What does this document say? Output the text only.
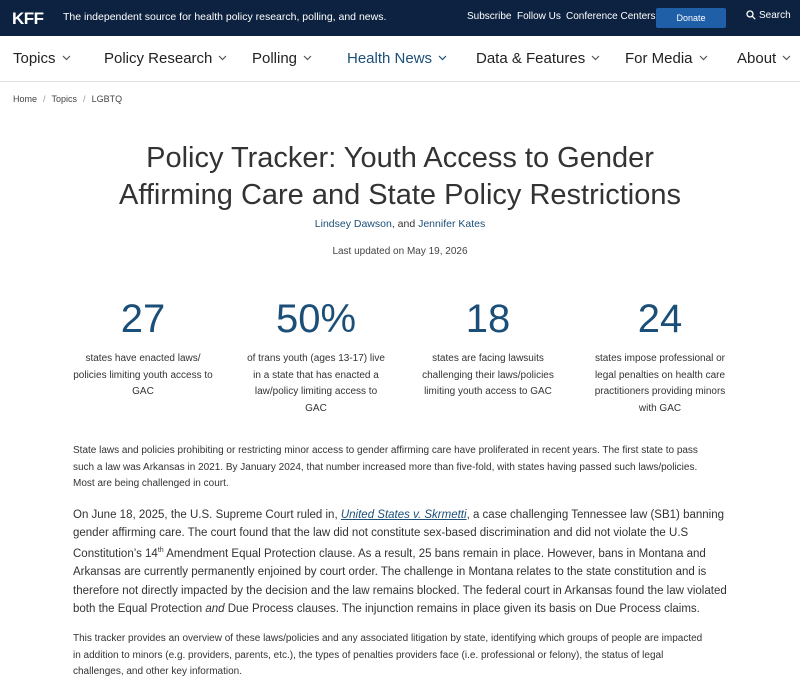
KFF The independent source for health policy research, polling, and news.	Subscribe Follow Us Conference Centers	Donate	Search
Topics	Policy Research	Polling	Health News	Data & Features	For Media	About
Home / Topics / LGBTQ
Policy Tracker: Youth Access to Gender
Affirming Care and State Policy Restrictions
Lindsey Dawson, and Jennifer Kates
Last updated on May 19, 2026
27
states have enacted laws/
policies limiting youth access to
GAC
50%
of trans youth (ages 13-17) live
in a state that has enacted a
law/policy limiting access to
GAC
18
states are facing lawsuits
challenging their laws/policies
limiting youth access to GAC
24
states impose professional or
legal penalties on health care
practitioners providing minors
with GAC

State laws and policies prohibiting or restricting minor access to gender affirming care have proliferated in recent years. The first state to pass
such a law was Arkansas in 2021. By January 2024, that number increased more than five-fold, with states having passed such laws/policies.
Most are being challenged in court.

On June 18, 2025, the U.S. Supreme Court ruled in, United States v. Skrmetti, a case challenging Tennessee law (SB1) banning
gender affirming care. The court found that the law did not constitute sex-based discrimination and did not violate the U.S
Constitution’s 14th Amendment Equal Protection clause. As a result, 25 bans remain in place. However, bans in Montana and
Arkansas are currently permanently enjoined by court order. The challenge in Montana relates to the state constitution and is
therefore not directly impacted by the decision and the law remains blocked. The federal court in Arkansas found the law violated
both the Equal Protection and Due Process clauses. The injunction remains in place given its basis on Due Process claims.

This tracker provides an overview of these laws/policies and any associated litigation by state, identifying which groups of people are impacted
in addition to minors (e.g. providers, parents, etc.), the types of penalties providers face (i.e. professional or felony), the status of legal
challenges, and other key information.
